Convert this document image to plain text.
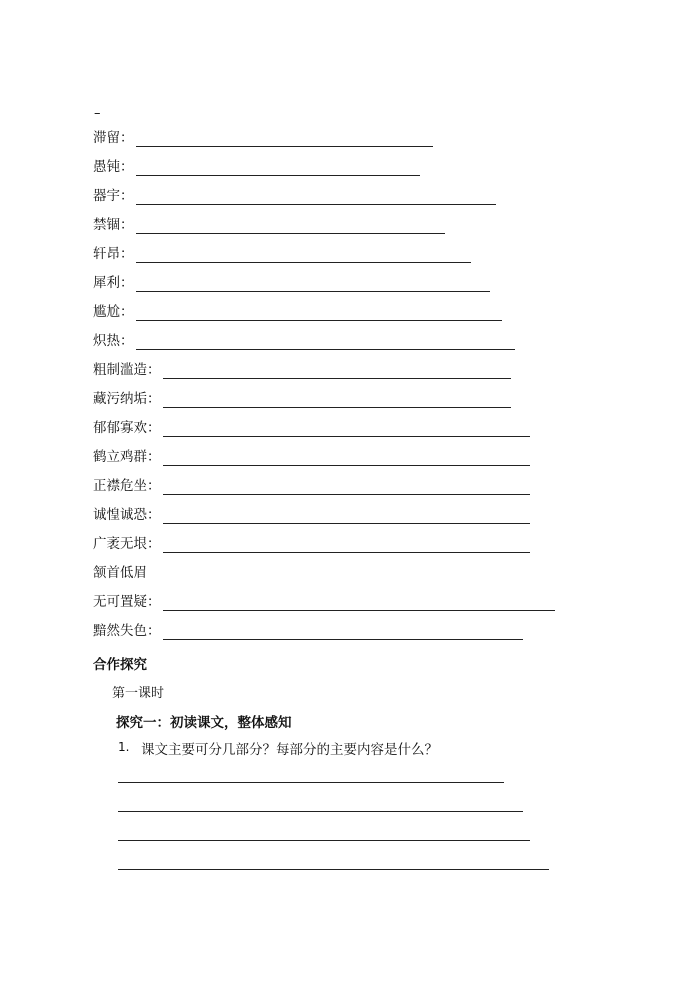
–
滞留：
愚钝：
器宇：
禁锢：
轩昂：
犀利：
尴尬：
炽热：
粗制滥造：
藏污纳垢：
郁郁寡欢：
鹤立鸡群：
正襟危坐：
诚惶诚恐：
广袤无垠：
颔首低眉
无可置疑：
黯然失色：
合作探究
第一课时
探究一：初读课文，整体感知
1. 课文主要可分几部分？每部分的主要内容是什么？
